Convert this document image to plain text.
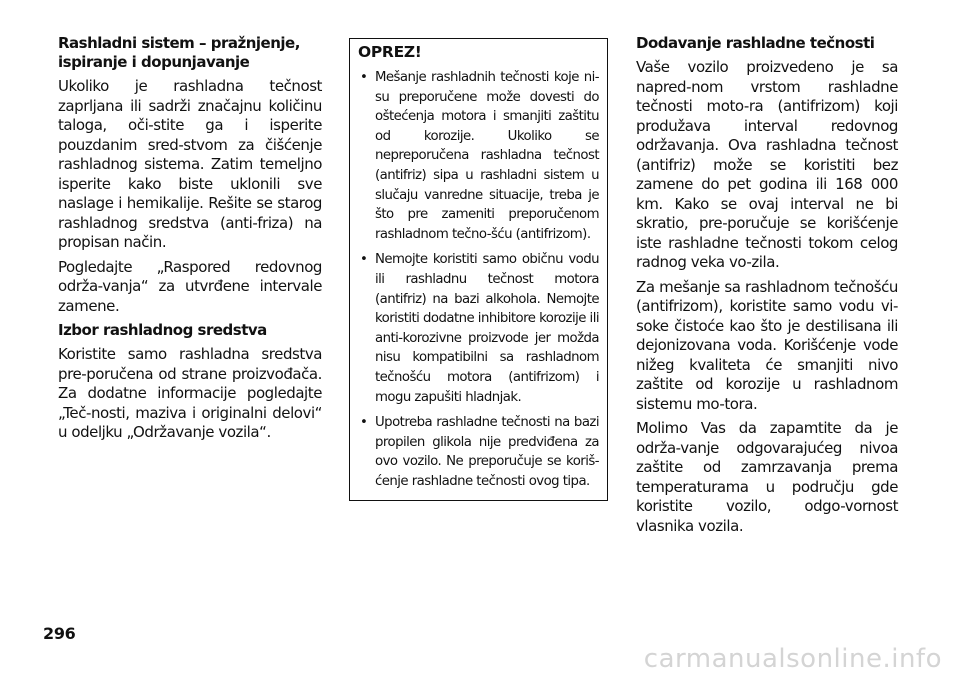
Rashladni sistem – pražnjenje, ispiranje i dopunjavanje

Ukoliko je rashladna tečnost zaprljana ili sadrži značajnu količinu taloga, oči-stite ga i isperite pouzdanim sred-stvom za čišćenje rashladnog sistema. Zatim temeljno isperite kako biste uklonili sve naslage i hemikalije. Rešite se starog rashladnog sredstva (anti-friza) na propisan način.

Pogledajte „Raspored redovnog održa-vanja“ za utvrđene intervale zamene.

Izbor rashladnog sredstva

Koristite samo rashladna sredstva pre-poručena od strane proizvođača. Za dodatne informacije pogledajte „Teč-nosti, maziva i originalni delovi“ u odeljku „Održavanje vozila“.

OPREZ!
• Mešanje rashladnih tečnosti koje ni-su preporučene može dovesti do oštećenja motora i smanjiti zaštitu od korozije. Ukoliko se nepreporučena rashladna tečnost (antifriz) sipa u rashladni sistem u slučaju vanredne situacije, treba je što pre zameniti preporučenom rashladnom tečno-šću (antifrizom).
• Nemojte koristiti samo običnu vodu ili rashladnu tečnost motora (antifriz) na bazi alkohola. Nemojte koristiti dodatne inhibitore korozije ili anti-korozivne proizvode jer možda nisu kompatibilni sa rashladnom tečnošću motora (antifrizom) i mogu zapušiti hladnjak.
• Upotreba rashladne tečnosti na bazi propilen glikola nije predviđena za ovo vozilo. Ne preporučuje se koriš-ćenje rashladne tečnosti ovog tipa.
Dodavanje rashladne tečnosti

Vaše vozilo proizvedeno je sa napred-nom vrstom rashladne tečnosti moto-ra (antifrizom) koji produžava interval redovnog održavanja. Ova rashladna tečnost (antifriz) može se koristiti bez zamene do pet godina ili 168 000 km. Kako se ovaj interval ne bi skratio, pre-poručuje se korišćenje iste rashladne tečnosti tokom celog radnog veka vo-zila.

Za mešanje sa rashladnom tečnošću (antifrizom), koristite samo vodu vi-soke čistoće kao što je destilisana ili dejonizovana voda. Korišćenje vode nižeg kvaliteta će smanjiti nivo zaštite od korozije u rashladnom sistemu mo-tora.

Molimo Vas da zapamtite da je održa-vanje odgovarajućeg nivoa zaštite od zamrzavanja prema temperaturama u području gde koristite vozilo, odgo-vornost vlasnika vozila.

296
carmanualsonline.info
